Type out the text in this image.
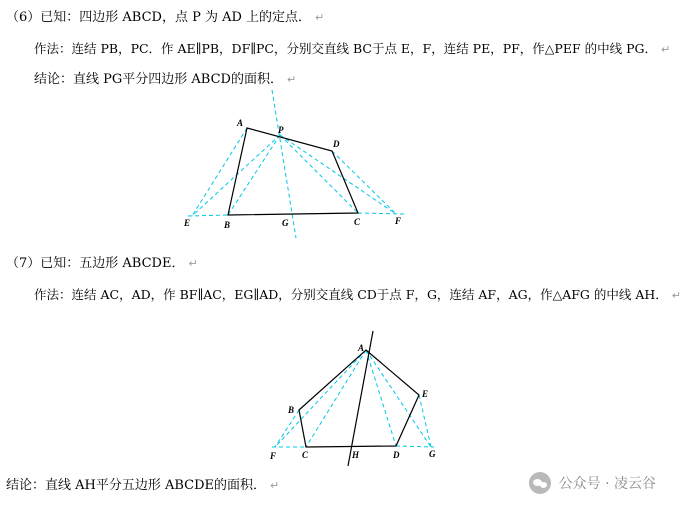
（6）已知：四边形 ABCD，点 P 为 AD 上的定点． ↵
作法：连结 PB，PC．作 AE∥PB，DF∥PC，分别交直线 BC于点 E，F，连结 PE，PF，作△PEF 的中线 PG． ↵
结论：直线 PG平分四边形 ABCD的面积． ↵
A
P
D
E	B	G	C	F
（7）已知：五边形 ABCDE． ↵
作法：连结 AC，AD，作 BF∥AC，EG∥AD，分别交直线 CD于点 F，G，连结 AF，AG，作△AFG 的中线 AH． ↵
A
B
E
F	C	H	D	G
结论：直线 AH平分五边形 ABCDE的面积． ↵	公众号 · 凌云谷
